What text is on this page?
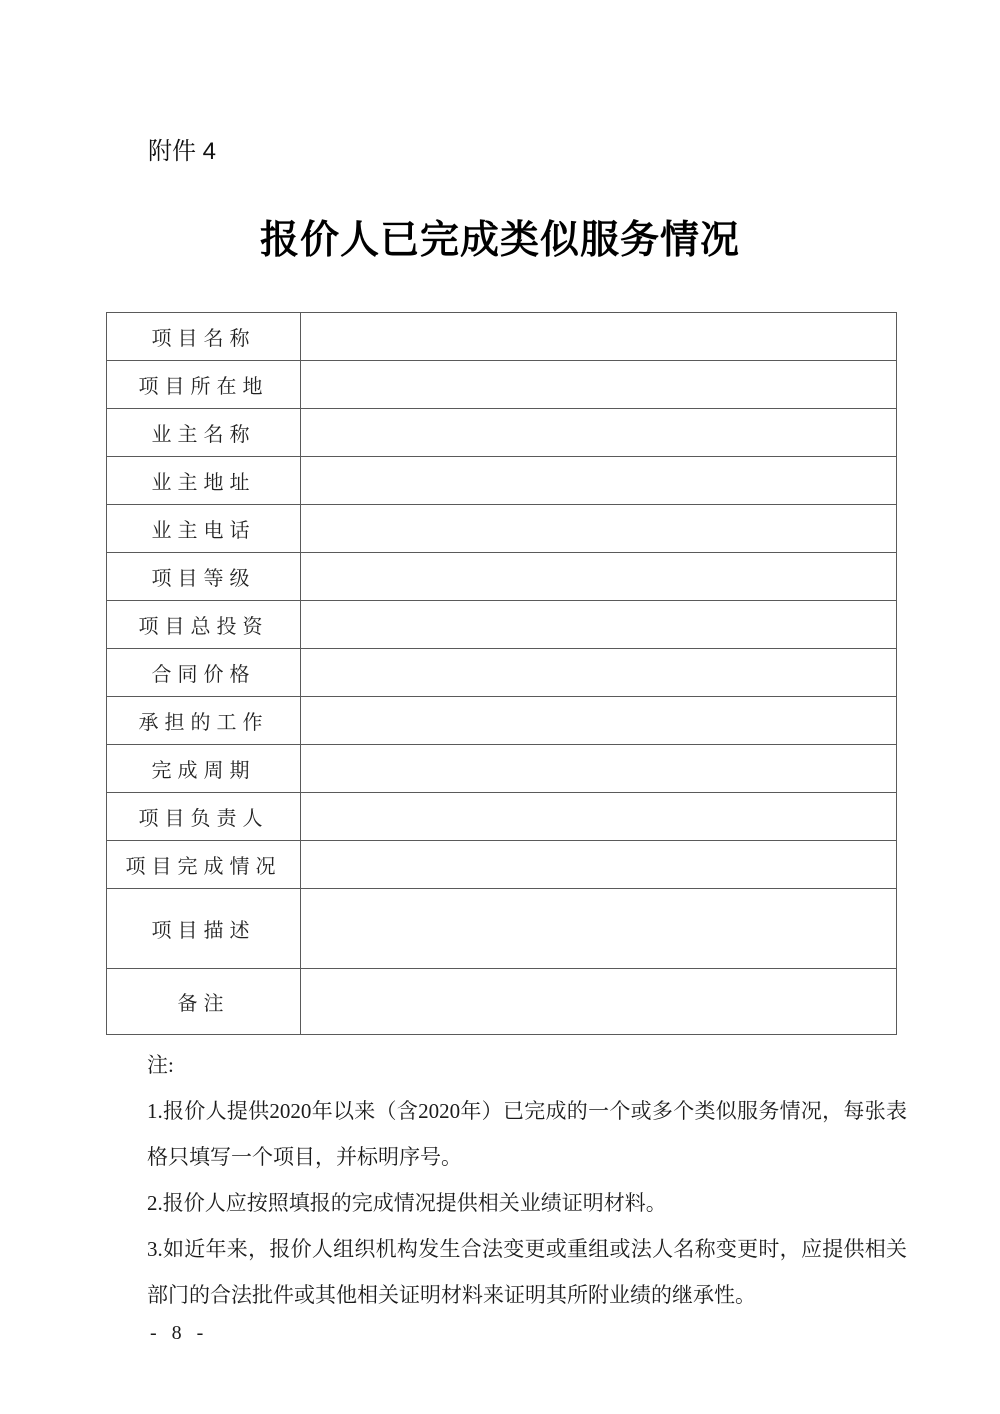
附件 4
报价人已完成类似服务情况
项目名称	
项目所在地	
业主名称	
业主地址	
业主电话	
项目等级	
项目总投资	
合同价格	
承担的工作	
完成周期	
项目负责人	
项目完成情况	
项目描述	
备注	

注:

1.报价人提供2020年以来（含2020年）已完成的一个或多个类似服务情况，每张表格只填写一个项目，并标明序号。

2.报价人应按照填报的完成情况提供相关业绩证明材料。

3.如近年来，报价人组织机构发生合法变更或重组或法人名称变更时，应提供相关部门的合法批件或其他相关证明材料来证明其所附业绩的继承性。

- 8 -
